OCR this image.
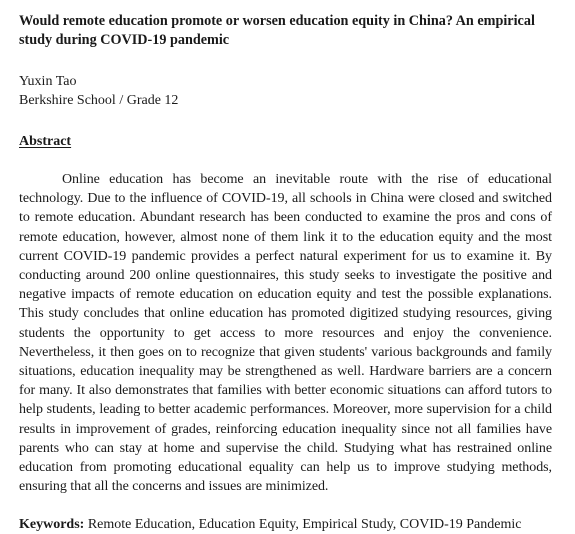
Would remote education promote or worsen education equity in China? An empirical study during COVID-19 pandemic
Yuxin Tao
Berkshire School / Grade 12
Abstract

Online education has become an inevitable route with the rise of educational technology. Due to the influence of COVID-19, all schools in China were closed and switched to remote education. Abundant research has been conducted to examine the pros and cons of remote education, however, almost none of them link it to the education equity and the most current COVID-19 pandemic provides a perfect natural experiment for us to examine it. By conducting around 200 online questionnaires, this study seeks to investigate the positive and negative impacts of remote education on education equity and test the possible explanations. This study concludes that online education has promoted digitized studying resources, giving students the opportunity to get access to more resources and enjoy the convenience. Nevertheless, it then goes on to recognize that given students' various backgrounds and family situations, education inequality may be strengthened as well. Hardware barriers are a concern for many. It also demonstrates that families with better economic situations can afford tutors to help students, leading to better academic performances. Moreover, more supervision for a child results in improvement of grades, reinforcing education inequality since not all families have parents who can stay at home and supervise the child. Studying what has restrained online education from promoting educational equality can help us to improve studying methods, ensuring that all the concerns and issues are minimized.

Keywords: Remote Education, Education Equity, Empirical Study, COVID-19 Pandemic
